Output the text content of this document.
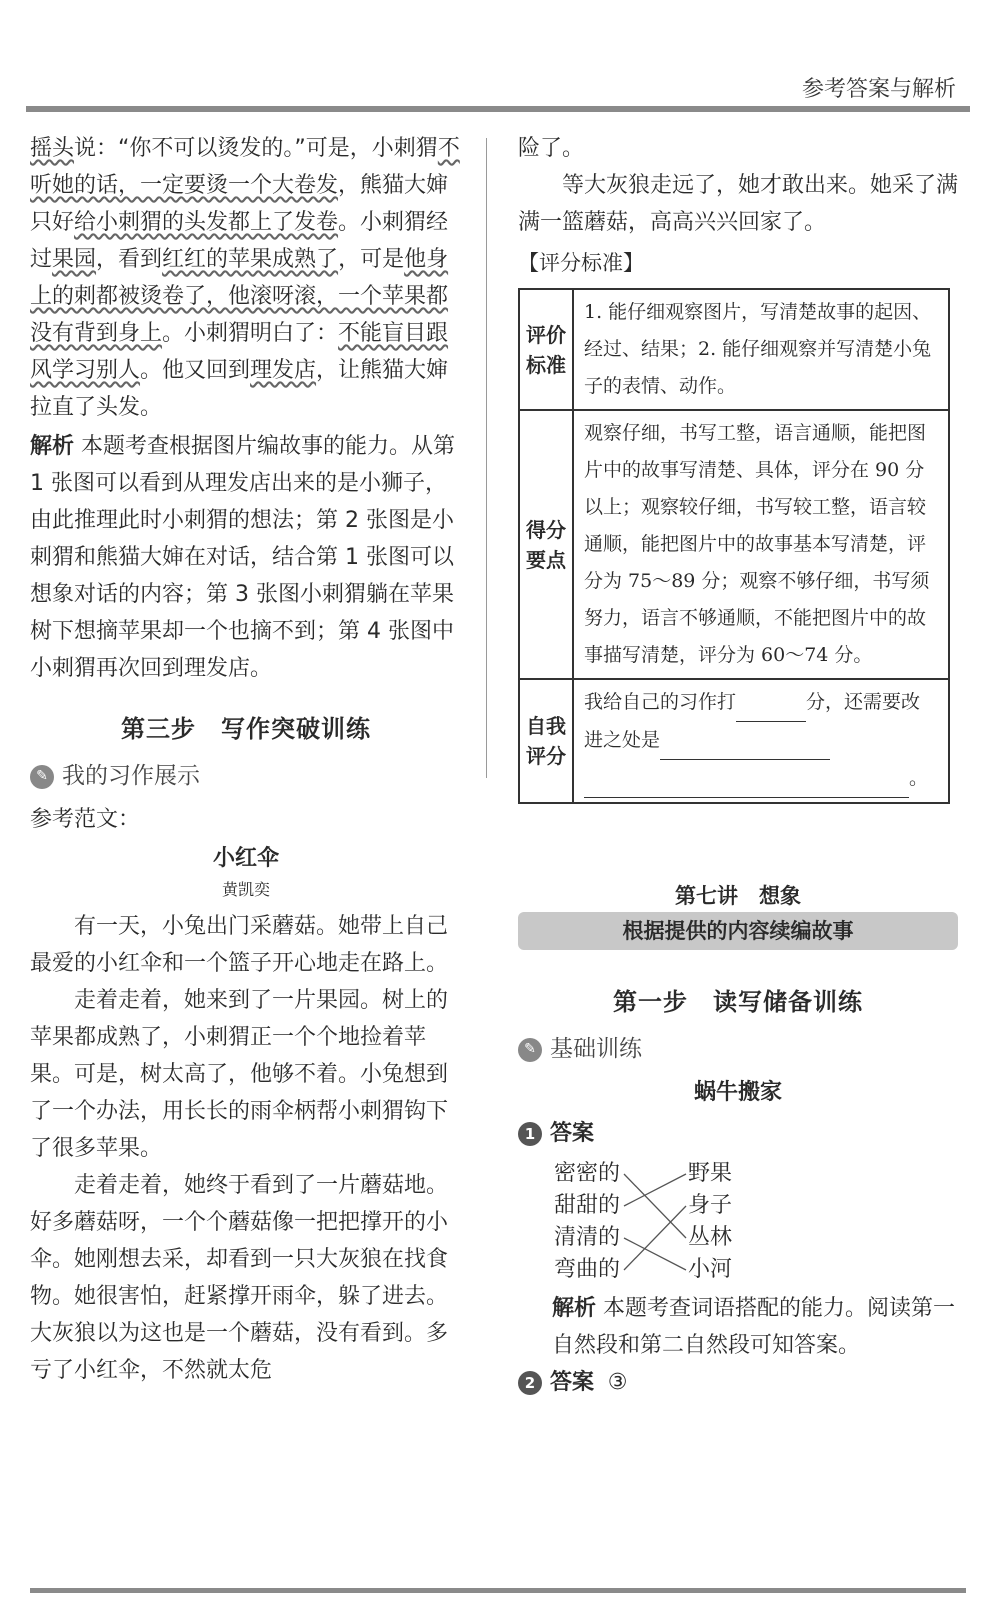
参考答案与解析

摇头说：“你不可以烫发的。”可是，小刺猬不听她的话，一定要烫一个大卷发，熊猫大婶只好给小刺猬的头发都上了发卷。小刺猬经过果园，看到红红的苹果成熟了，可是他身上的刺都被烫卷了，他滚呀滚，一个苹果都没有背到身上。小刺猬明白了：不能盲目跟风学习别人。他又回到理发店，让熊猫大婶拉直了头发。

解析 本题考查根据图片编故事的能力。从第 1 张图可以看到从理发店出来的是小狮子，由此推理此时小刺猬的想法；第 2 张图是小刺猬和熊猫大婶在对话，结合第 1 张图可以想象对话的内容；第 3 张图小刺猬躺在苹果树下想摘苹果却一个也摘不到；第 4 张图中小刺猬再次回到理发店。

第三步　写作突破训练
✎ 我的习作展示

参考范文：

小红伞
黄凯奕

有一天，小兔出门采蘑菇。她带上自己最爱的小红伞和一个篮子开心地走在路上。

走着走着，她来到了一片果园。树上的苹果都成熟了，小刺猬正一个个地捡着苹果。可是，树太高了，他够不着。小兔想到了一个办法，用长长的雨伞柄帮小刺猬钩下了很多苹果。

走着走着，她终于看到了一片蘑菇地。好多蘑菇呀，一个个蘑菇像一把把撑开的小伞。她刚想去采，却看到一只大灰狼在找食物。她很害怕，赶紧撑开雨伞，躲了进去。大灰狼以为这也是一个蘑菇，没有看到。多亏了小红伞，不然就太危

险了。

等大灰狼走远了，她才敢出来。她采了满满一篮蘑菇，高高兴兴回家了。

【评分标准】
评价标准	1. 能仔细观察图片，写清楚故事的起因、经过、结果；2. 能仔细观察并写清楚小兔子的表情、动作。
得分要点	观察仔细，书写工整，语言通顺，能把图片中的故事写清楚、具体，评分在 90 分以上；观察较仔细，书写较工整，语言较通顺，能把图片中的故事基本写清楚，评分为 75～89 分；观察不够仔细，书写须努力，语言不够通顺，不能把图片中的故事描写清楚，评分为 60～74 分。
自我评分	我给自己的习作打 分，还需要改进之处是
。
第七讲　想象
根据提供的内容续编故事
第一步　读写储备训练
✎ 基础训练
蜗牛搬家
1 答案
密密的
甜甜的
清清的
弯曲的
野果
身子
丛林
小河

解析 本题考查词语搭配的能力。阅读第一自然段和第二自然段可知答案。

2 答案 ③
